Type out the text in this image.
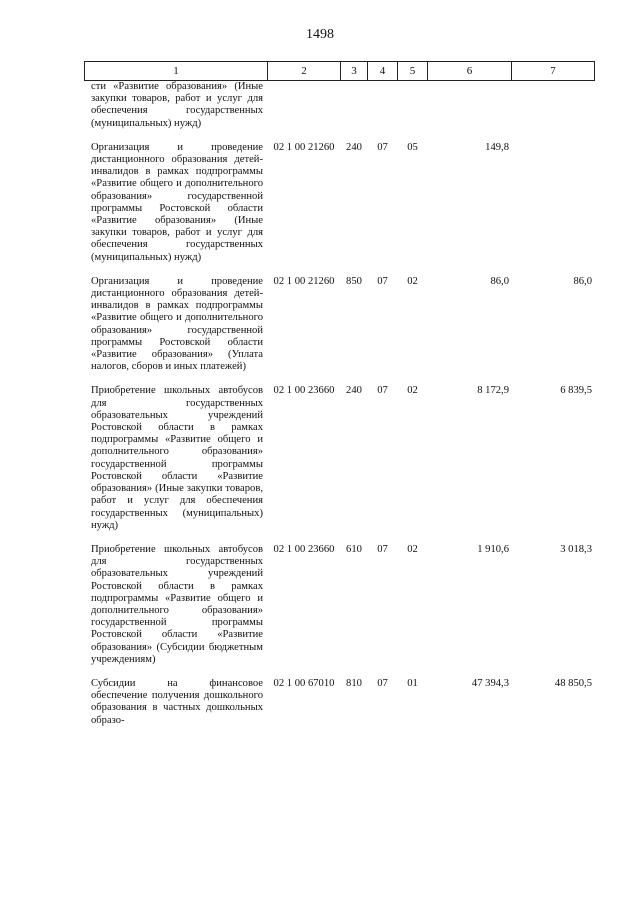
1498
1	2	3	4	5	6	7
сти «Развитие образования» (Иные закупки товаров, работ и услуг для обеспечения государственных (муниципальных) нужд)						
Организация и проведение дистанционного образования детей-инвалидов в рамках подпрограммы «Развитие общего и дополнительного образования» государственной программы Ростовской области «Развитие образования» (Иные закупки товаров, работ и услуг для обеспечения государственных (муниципальных) нужд)	02 1 00 21260	240	07	05	149,8	
Организация и проведение дистанционного образования детей-инвалидов в рамках подпрограммы «Развитие общего и дополнительного образования» государственной программы Ростовской области «Развитие образования» (Уплата налогов, сборов и иных платежей)	02 1 00 21260	850	07	02	86,0	86,0
Приобретение школьных автобусов для государственных образовательных учреждений Ростовской области в рамках подпрограммы «Развитие общего и дополнительного образования» государственной программы Ростовской области «Развитие образования» (Иные закупки товаров, работ и услуг для обеспечения государственных (муниципальных) нужд)	02 1 00 23660	240	07	02	8 172,9	6 839,5
Приобретение школьных автобусов для государственных образовательных учреждений Ростовской области в рамках подпрограммы «Развитие общего и дополнительного образования» государственной программы Ростовской области «Развитие образования» (Субсидии бюджетным учреждениям)	02 1 00 23660	610	07	02	1 910,6	3 018,3
Субсидии на финансовое обеспечение получения дошкольного образования в частных дошкольных образо-	02 1 00 67010	810	07	01	47 394,3	48 850,5
